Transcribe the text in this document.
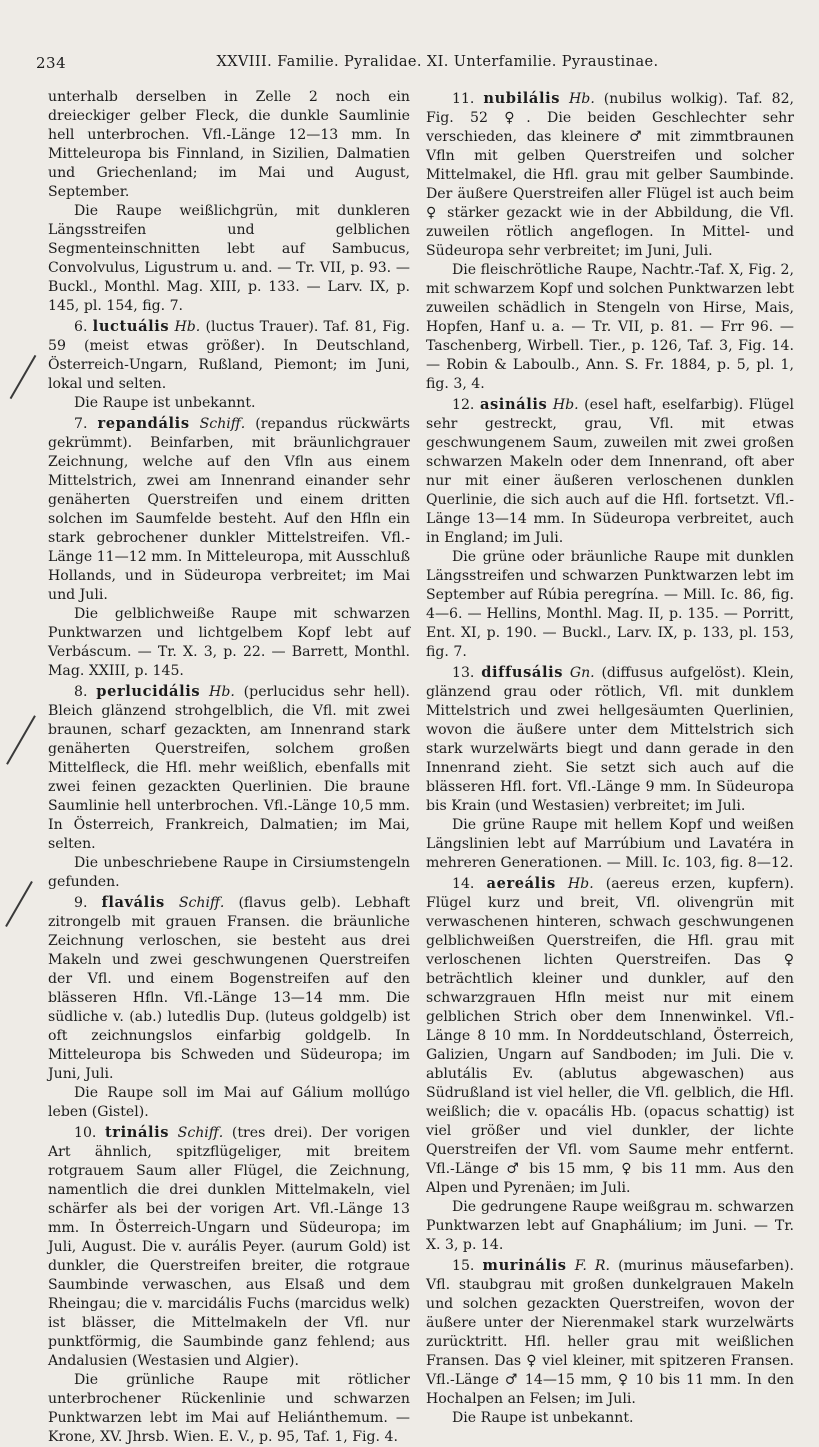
234	XXVIII. Familie. Pyralidae. XI. Unterfamilie. Pyraustinae.

unterhalb derselben in Zelle 2 noch ein dreieckiger gelber Fleck, die dunkle Saumlinie hell unterbrochen. Vfl.-Länge 12—13 mm. In Mitteleuropa bis Finnland, in Sizilien, Dalmatien und Griechenland; im Mai und August, September.

Die Raupe weißlichgrün, mit dunkleren Längsstreifen und gelblichen Segmenteinschnitten lebt auf Sambucus, Convolvulus, Ligustrum u. and. — Tr. VII, p. 93. — Buckl., Monthl. Mag. XIII, p. 133. — Larv. IX, p. 145, pl. 154, fig. 7.

6. luctuális Hb. (luctus Trauer). Taf. 81, Fig. 59 (meist etwas größer). In Deutschland, Österreich-Ungarn, Rußland, Piemont; im Juni, lokal und selten.

Die Raupe ist unbekannt.

7. repandális Schiff. (repandus rückwärts gekrümmt). Beinfarben, mit bräunlichgrauer Zeichnung, welche auf den Vfln aus einem Mittelstrich, zwei am Innenrand einander sehr genäherten Querstreifen und einem dritten solchen im Saumfelde besteht. Auf den Hfln ein stark gebrochener dunkler Mittelstreifen. Vfl.-Länge 11—12 mm. In Mitteleuropa, mit Ausschluß Hollands, und in Südeuropa verbreitet; im Mai und Juli.

Die gelblichweiße Raupe mit schwarzen Punktwarzen und lichtgelbem Kopf lebt auf Verbáscum. — Tr. X. 3, p. 22. — Barrett, Monthl. Mag. XXIII, p. 145.

8. perlucidális Hb. (perlucidus sehr hell). Bleich glänzend strohgelblich, die Vfl. mit zwei braunen, scharf gezackten, am Innenrand stark genäherten Querstreifen, solchem großen Mittelfleck, die Hfl. mehr weißlich, ebenfalls mit zwei feinen gezackten Querlinien. Die braune Saumlinie hell unterbrochen. Vfl.-Länge 10,5 mm. In Österreich, Frankreich, Dalmatien; im Mai, selten.

Die unbeschriebene Raupe in Cirsiumstengeln gefunden.

9. flavális Schiff. (flavus gelb). Lebhaft zitrongelb mit grauen Fransen. die bräunliche Zeichnung verloschen, sie besteht aus drei Makeln und zwei geschwungenen Querstreifen der Vfl. und einem Bogenstreifen auf den blässeren Hfln. Vfl.-Länge 13—14 mm. Die südliche v. (ab.) lutedlis Dup. (luteus goldgelb) ist oft zeichnungslos einfarbig goldgelb. In Mitteleuropa bis Schweden und Südeuropa; im Juni, Juli.

Die Raupe soll im Mai auf Gálium mollúgo leben (Gistel).

10. trinális Schiff. (tres drei). Der vorigen Art ähnlich, spitzflügeliger, mit breitem rotgrauem Saum aller Flügel, die Zeichnung, namentlich die drei dunklen Mittelmakeln, viel schärfer als bei der vorigen Art. Vfl.-Länge 13 mm. In Österreich-Ungarn und Südeuropa; im Juli, August. Die v. aurális Peyer. (aurum Gold) ist dunkler, die Querstreifen breiter, die rotgraue Saumbinde verwaschen, aus Elsaß und dem Rheingau; die v. marcidális Fuchs (marcidus welk) ist blässer, die Mittelmakeln der Vfl. nur punktförmig, die Saumbinde ganz fehlend; aus Andalusien (Westasien und Algier).

Die grünliche Raupe mit rötlicher unterbrochener Rückenlinie und schwarzen Punktwarzen lebt im Mai auf Heliánthemum. — Krone, XV. Jhrsb. Wien. E. V., p. 95, Taf. 1, Fig. 4.

11. nubilális Hb. (nubilus wolkig). Taf. 82, Fig. 52 ♀. Die beiden Geschlechter sehr verschieden, das kleinere ♂ mit zimmtbraunen Vfln mit gelben Querstreifen und solcher Mittelmakel, die Hfl. grau mit gelber Saumbinde. Der äußere Querstreifen aller Flügel ist auch beim ♀ stärker gezackt wie in der Abbildung, die Vfl. zuweilen rötlich angeflogen. In Mittel- und Südeuropa sehr verbreitet; im Juni, Juli.

Die fleischrötliche Raupe, Nachtr.-Taf. X, Fig. 2, mit schwarzem Kopf und solchen Punktwarzen lebt zuweilen schädlich in Stengeln von Hirse, Mais, Hopfen, Hanf u. a. — Tr. VII, p. 81. — Frr 96. — Taschenberg, Wirbell. Tier., p. 126, Taf. 3, Fig. 14. — Robin & Laboulb., Ann. S. Fr. 1884, p. 5, pl. 1, fig. 3, 4.

12. asinális Hb. (esel haft, eselfarbig). Flügel sehr gestreckt, grau, Vfl. mit etwas geschwungenem Saum, zuweilen mit zwei großen schwarzen Makeln oder dem Innenrand, oft aber nur mit einer äußeren verloschenen dunklen Querlinie, die sich auch auf die Hfl. fortsetzt. Vfl.-Länge 13—14 mm. In Südeuropa verbreitet, auch in England; im Juli.

Die grüne oder bräunliche Raupe mit dunklen Längsstreifen und schwarzen Punktwarzen lebt im September auf Rúbia peregrína. — Mill. Ic. 86, fig. 4—6. — Hellins, Monthl. Mag. II, p. 135. — Porritt, Ent. XI, p. 190. — Buckl., Larv. IX, p. 133, pl. 153, fig. 7.

13. diffusális Gn. (diffusus aufgelöst). Klein, glänzend grau oder rötlich, Vfl. mit dunklem Mittelstrich und zwei hellgesäumten Querlinien, wovon die äußere unter dem Mittelstrich sich stark wurzelwärts biegt und dann gerade in den Innenrand zieht. Sie setzt sich auch auf die blässeren Hfl. fort. Vfl.-Länge 9 mm. In Südeuropa bis Krain (und Westasien) verbreitet; im Juli.

Die grüne Raupe mit hellem Kopf und weißen Längslinien lebt auf Marrúbium und Lavatéra in mehreren Generationen. — Mill. Ic. 103, fig. 8—12.

14. aereális Hb. (aereus erzen, kupfern). Flügel kurz und breit, Vfl. olivengrün mit verwaschenen hinteren, schwach geschwungenen gelblichweißen Querstreifen, die Hfl. grau mit verloschenen lichten Querstreifen. Das ♀ beträchtlich kleiner und dunkler, auf den schwarzgrauen Hfln meist nur mit einem gelblichen Strich ober dem Innenwinkel. Vfl.-Länge 8 10 mm. In Norddeutschland, Österreich, Galizien, Ungarn auf Sandboden; im Juli. Die v. ablutális Ev. (ablutus abgewaschen) aus Südrußland ist viel heller, die Vfl. gelblich, die Hfl. weißlich; die v. opacális Hb. (opacus schattig) ist viel größer und viel dunkler, der lichte Querstreifen der Vfl. vom Saume mehr entfernt. Vfl.-Länge ♂ bis 15 mm, ♀ bis 11 mm. Aus den Alpen und Pyrenäen; im Juli.

Die gedrungene Raupe weißgrau m. schwarzen Punktwarzen lebt auf Gnaphálium; im Juni. — Tr. X. 3, p. 14.

15. murinális F. R. (murinus mäusefarben). Vfl. staubgrau mit großen dunkelgrauen Makeln und solchen gezackten Querstreifen, wovon der äußere unter der Nierenmakel stark wurzelwärts zurücktritt. Hfl. heller grau mit weißlichen Fransen. Das ♀ viel kleiner, mit spitzeren Fransen. Vfl.-Länge ♂ 14—15 mm, ♀ 10 bis 11 mm. In den Hochalpen an Felsen; im Juli.

Die Raupe ist unbekannt.
